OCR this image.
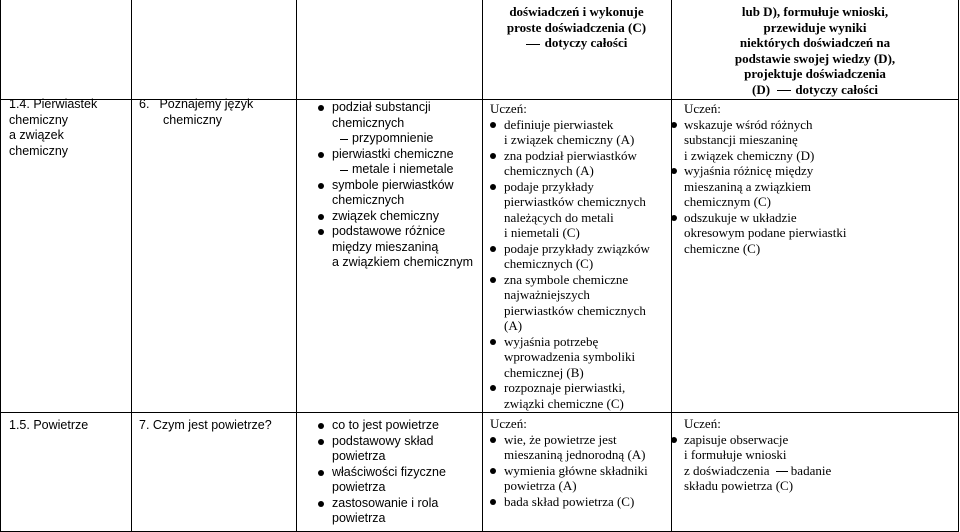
1.4. Pierwiastek
chemiczny
a związek
chemiczny
1.5. Powietrze
6. Poznajemy język
chemiczny
7. Czym jest powietrze?
podział substancji
chemicznych
przypomnienie
pierwiastki chemiczne
metale i niemetale
symbole pierwiastków
chemicznych
związek chemiczny
podstawowe różnice
między mieszaniną
a związkiem chemicznym
co to jest powietrze
podstawowy skład
powietrza
właściwości fizyczne
powietrza
zastosowanie i rola
powietrza
doświadczeń i wykonuje
proste doświadczenia (C)
dotyczy całości
Uczeń:
definiuje pierwiastek
i związek chemiczny (A)
zna podział pierwiastków
chemicznych (A)
podaje przykłady
pierwiastków chemicznych
należących do metali
i niemetali (C)
podaje przykłady związków
chemicznych (C)
zna symbole chemiczne
najważniejszych
pierwiastków chemicznych
(A)
wyjaśnia potrzebę
wprowadzenia symboliki
chemicznej (B)
rozpoznaje pierwiastki,
związki chemiczne (C)
Uczeń:
wie, że powietrze jest
mieszaniną jednorodną (A)
wymienia główne składniki
powietrza (A)
bada skład powietrza (C)
lub D), formułuje wnioski,
przewiduje wyniki
niektórych doświadczeń na
podstawie swojej wiedzy (D),
projektuje doświadczenia
(D) dotyczy całości
Uczeń:
wskazuje wśród różnych
substancji mieszaninę
i związek chemiczny (D)
wyjaśnia różnicę między
mieszaniną a związkiem
chemicznym (C)
odszukuje w układzie
okresowym podane pierwiastki
chemiczne (C)
Uczeń:
zapisuje obserwacje
i formułuje wnioski
z doświadczenia badanie
składu powietrza (C)
